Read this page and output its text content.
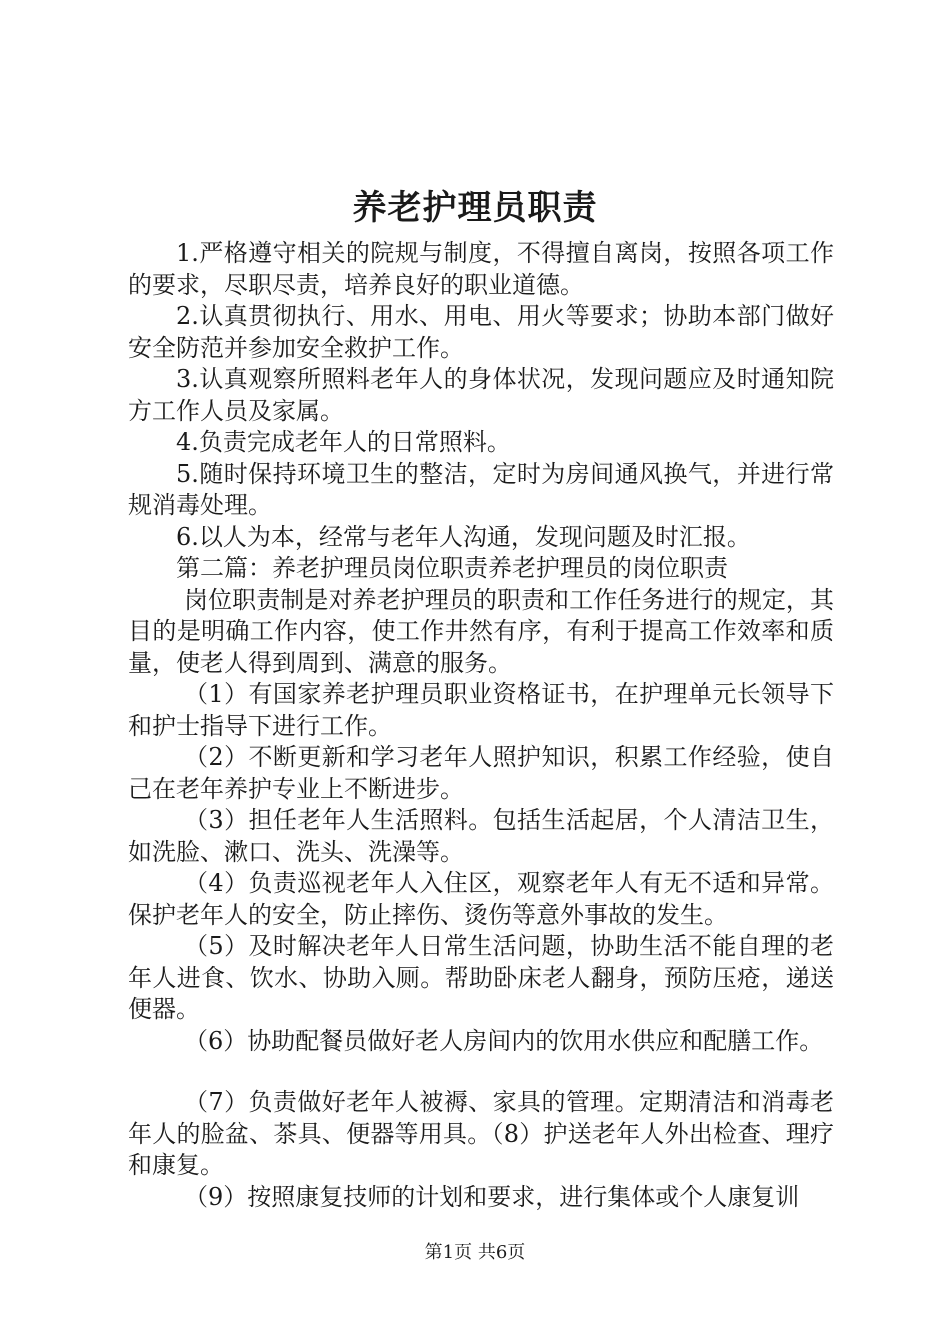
养老护理员职责

1.严格遵守相关的院规与制度，不得擅自离岗，按照各项工作的要求，尽职尽责，培养良好的职业道德。

2.认真贯彻执行、用水、用电、用火等要求；协助本部门做好安全防范并参加安全救护工作。

3.认真观察所照料老年人的身体状况，发现问题应及时通知院方工作人员及家属。

4.负责完成老年人的日常照料。

5.随时保持环境卫生的整洁，定时为房间通风换气，并进行常规消毒处理。

6.以人为本，经常与老年人沟通，发现问题及时汇报。

第二篇：养老护理员岗位职责养老护理员的岗位职责

岗位职责制是对养老护理员的职责和工作任务进行的规定，其目的是明确工作内容，使工作井然有序，有利于提高工作效率和质量，使老人得到周到、满意的服务。

（1）有国家养老护理员职业资格证书，在护理单元长领导下和护士指导下进行工作。

（2）不断更新和学习老年人照护知识，积累工作经验，使自己在老年养护专业上不断进步。

（3）担任老年人生活照料。包括生活起居，个人清洁卫生，如洗脸、漱口、洗头、洗澡等。

（4）负责巡视老年人入住区，观察老年人有无不适和异常。保护老年人的安全，防止摔伤、烫伤等意外事故的发生。

（5）及时解决老年人日常生活问题，协助生活不能自理的老年人进食、饮水、协助入厕。帮助卧床老人翻身，预防压疮，递送便器。

（6）协助配餐员做好老人房间内的饮用水供应和配膳工作。

（7）负责做好老年人被褥、家具的管理。定期清洁和消毒老年人的脸盆、茶具、便器等用具。（8）护送老年人外出检查、理疗和康复。

（9）按照康复技师的计划和要求，进行集体或个人康复训

第1页 共6页
